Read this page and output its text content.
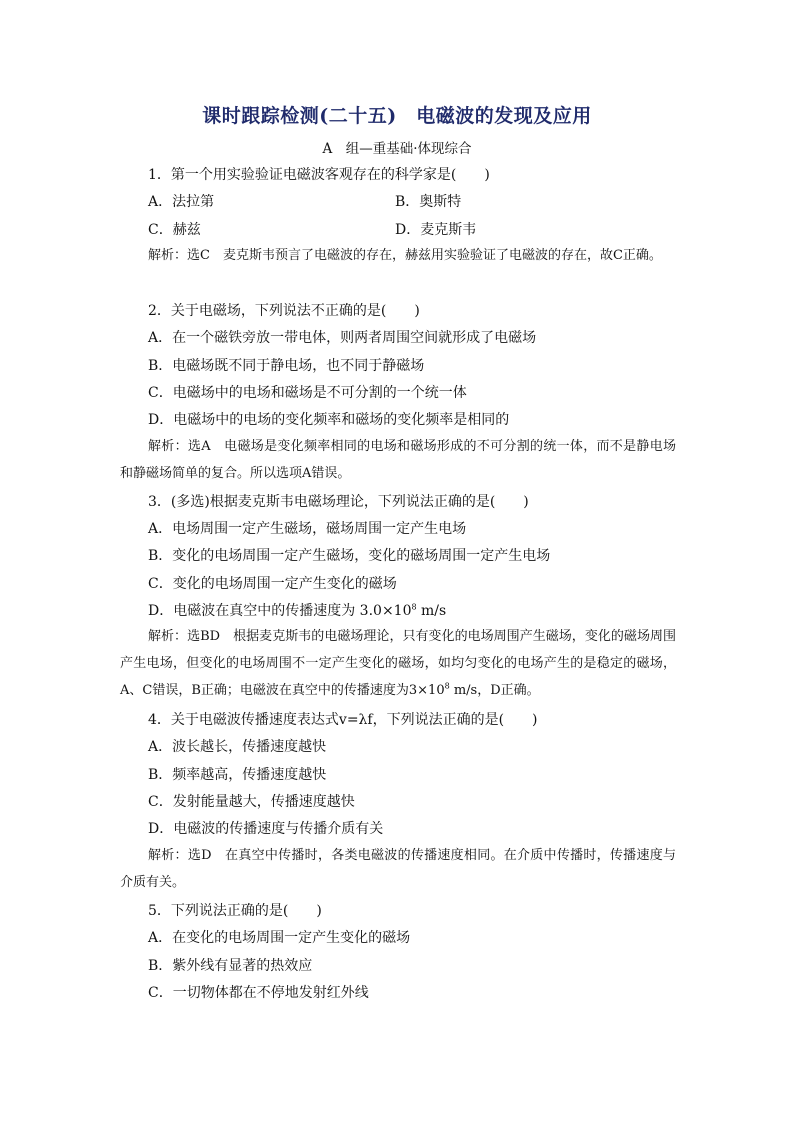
课时跟踪检测(二十五)　电磁波的发现及应用
A　组—重基础·体现综合
1．第一个用实验验证电磁波客观存在的科学家是(　　)
A．法拉第	B．奥斯特
C．赫兹	D．麦克斯韦
解析：选C　麦克斯韦预言了电磁波的存在，赫兹用实验验证了电磁波的存在，故C正确。
2．关于电磁场，下列说法不正确的是(　　)
A．在一个磁铁旁放一带电体，则两者周围空间就形成了电磁场
B．电磁场既不同于静电场，也不同于静磁场
C．电磁场中的电场和磁场是不可分割的一个统一体
D．电磁场中的电场的变化频率和磁场的变化频率是相同的
解析：选A　电磁场是变化频率相同的电场和磁场形成的不可分割的统一体，而不是静电场和静磁场简单的复合。所以选项A错误。
3．(多选)根据麦克斯韦电磁场理论，下列说法正确的是(　　)
A．电场周围一定产生磁场，磁场周围一定产生电场
B．变化的电场周围一定产生磁场，变化的磁场周围一定产生电场
C．变化的电场周围一定产生变化的磁场
D．电磁波在真空中的传播速度为 $3.0\times 10^8$ m/s
解析：选BD　根据麦克斯韦的电磁场理论，只有变化的电场周围产生磁场，变化的磁场周围产生电场，但变化的电场周围不一定产生变化的磁场，如均匀变化的电场产生的是稳定的磁场，A、C错误，B正确；电磁波在真空中的传播速度为$3\times 10^8$ m/s，D正确。
4．关于电磁波传播速度表达式v=λf，下列说法正确的是(　　)
A．波长越长，传播速度越快
B．频率越高，传播速度越快
C．发射能量越大，传播速度越快
D．电磁波的传播速度与传播介质有关
解析：选D　在真空中传播时，各类电磁波的传播速度相同。在介质中传播时，传播速度与介质有关。
5．下列说法正确的是(　　)
A．在变化的电场周围一定产生变化的磁场
B．紫外线有显著的热效应
C．一切物体都在不停地发射红外线
